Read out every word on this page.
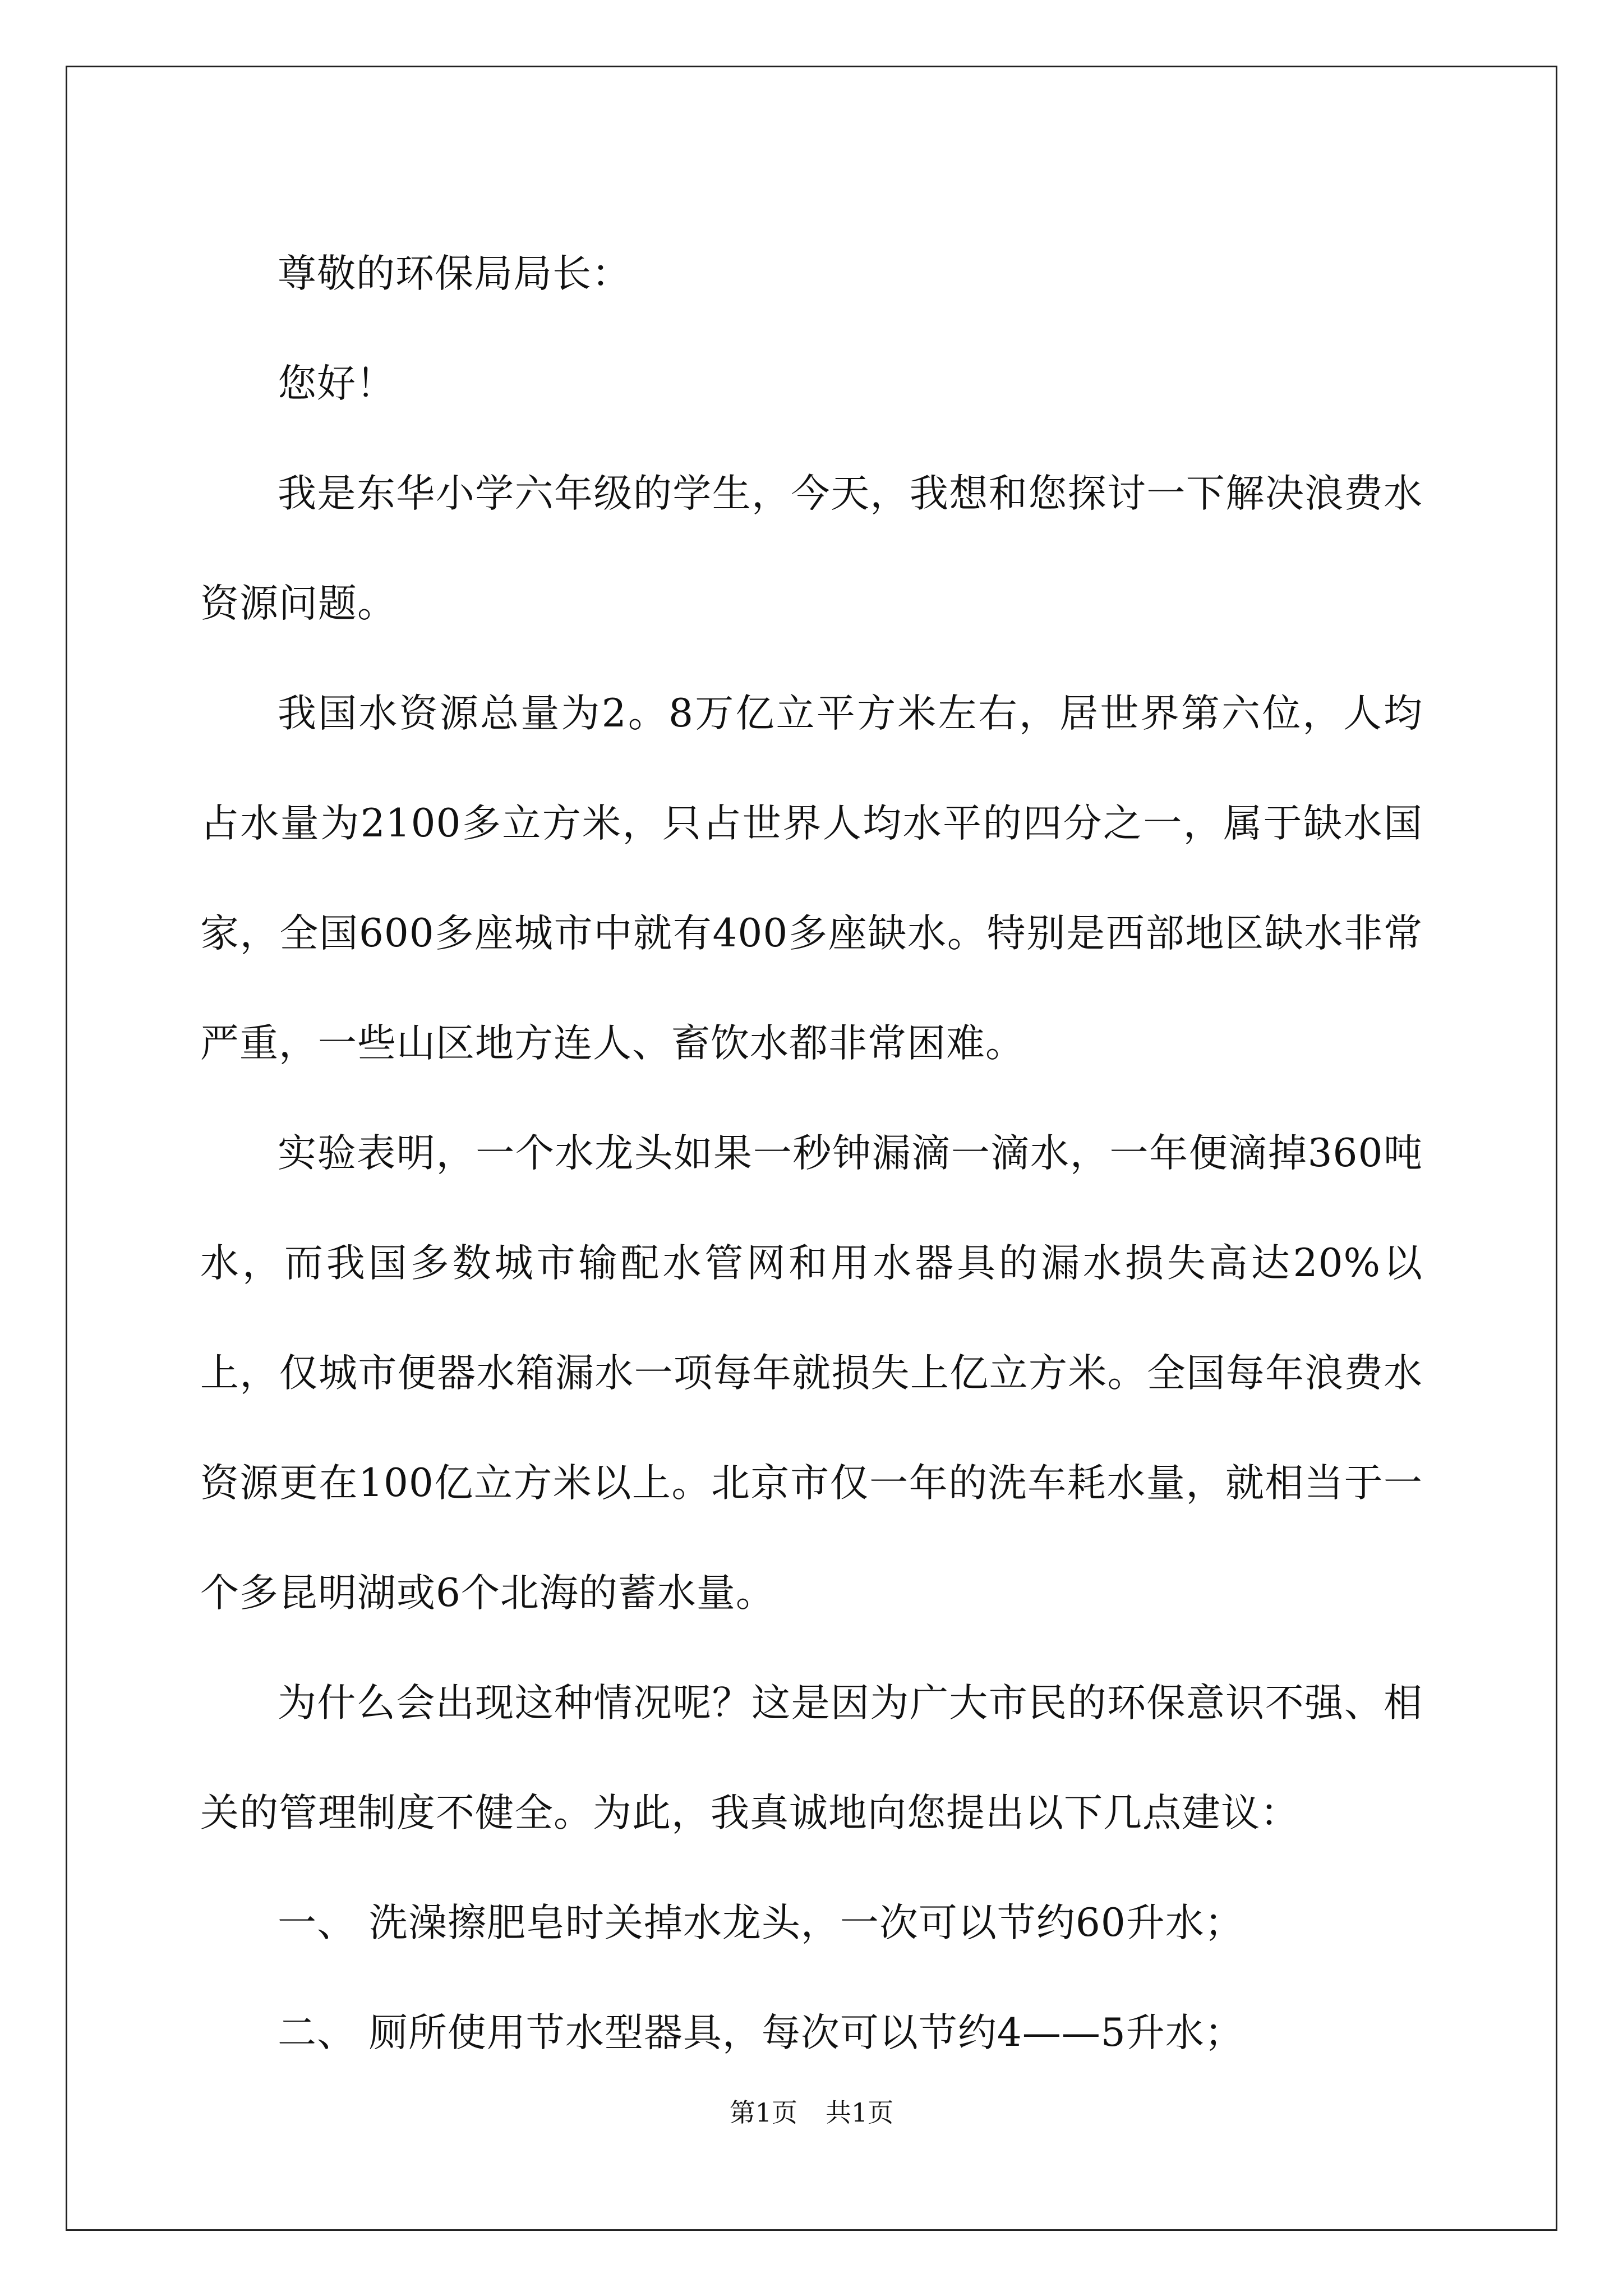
尊敬的环保局局长：

您好！

我是东华小学六年级的学生，今天，我想和您探讨一下解决浪费水资源问题。

我国水资源总量为2。8万亿立平方米左右，居世界第六位，人均占水量为2100多立方米，只占世界人均水平的四分之一，属于缺水国家，全国600多座城市中就有400多座缺水。特别是西部地区缺水非常严重，一些山区地方连人、畜饮水都非常困难。

实验表明，一个水龙头如果一秒钟漏滴一滴水，一年便滴掉360吨水，而我国多数城市输配水管网和用水器具的漏水损失高达20%以上，仅城市便器水箱漏水一项每年就损失上亿立方米。全国每年浪费水资源更在100亿立方米以上。北京市仅一年的洗车耗水量，就相当于一个多昆明湖或6个北海的蓄水量。

为什么会出现这种情况呢？这是因为广大市民的环保意识不强、相关的管理制度不健全。为此，我真诚地向您提出以下几点建议：

一、 洗澡擦肥皂时关掉水龙头，一次可以节约60升水；

二、 厕所使用节水型器具，每次可以节约4——5升水；

第1页 共1页
